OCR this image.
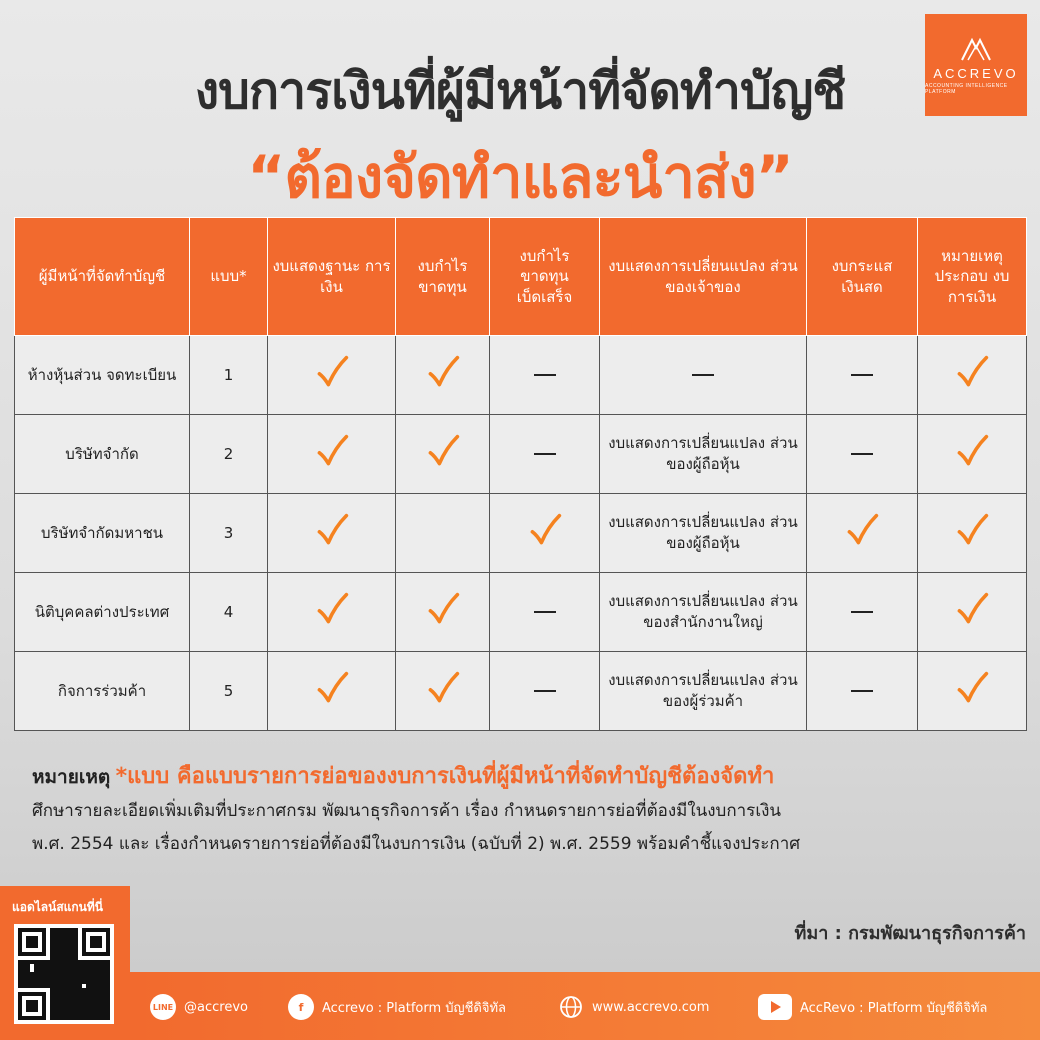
ACCREVO
ACCOUNTING INTELLIGENCE PLATFORM
งบการเงินที่ผู้มีหน้าที่จัดทำบัญชี
“ต้องจัดทำและนำส่ง”
ผู้มีหน้าที่จัดทำบัญชี	แบบ*	งบแสดงฐานะ การเงิน	งบกำไร ขาดทุน	งบกำไร ขาดทุน เบ็ดเสร็จ	งบแสดงการเปลี่ยนแปลง ส่วนของเจ้าของ	งบกระแส เงินสด	หมายเหตุ ประกอบ งบการเงิน
ห้างหุ้นส่วน จดทะเบียน	1						
บริษัทจำกัด	2				งบแสดงการเปลี่ยนแปลง ส่วนของผู้ถือหุ้น		
บริษัทจำกัดมหาชน	3				งบแสดงการเปลี่ยนแปลง ส่วนของผู้ถือหุ้น		
นิติบุคคลต่างประเทศ	4				งบแสดงการเปลี่ยนแปลง ส่วนของสำนักงานใหญ่		
กิจการร่วมค้า	5				งบแสดงการเปลี่ยนแปลง ส่วนของผู้ร่วมค้า		
หมายเหตุ *แบบ คือแบบรายการย่อของงบการเงินที่ผู้มีหน้าที่จัดทำบัญชีต้องจัดทำ
ศึกษารายละเอียดเพิ่มเติมที่ประกาศกรม พัฒนาธุรกิจการค้า เรื่อง กำหนดรายการย่อที่ต้องมีในงบการเงิน
พ.ศ. 2554 และ เรื่องกำหนดรายการย่อที่ต้องมีในงบการเงิน (ฉบับที่ 2) พ.ศ. 2559 พร้อมคำชี้แจงประกาศ
ที่มา : กรมพัฒนาธุรกิจการค้า
แอดไลน์สแกนที่นี่
LINE @accrevo	f	Accrevo : Platform บัญชีดิจิทัล	www.accrevo.com	AccRevo : Platform บัญชีดิจิทัล
